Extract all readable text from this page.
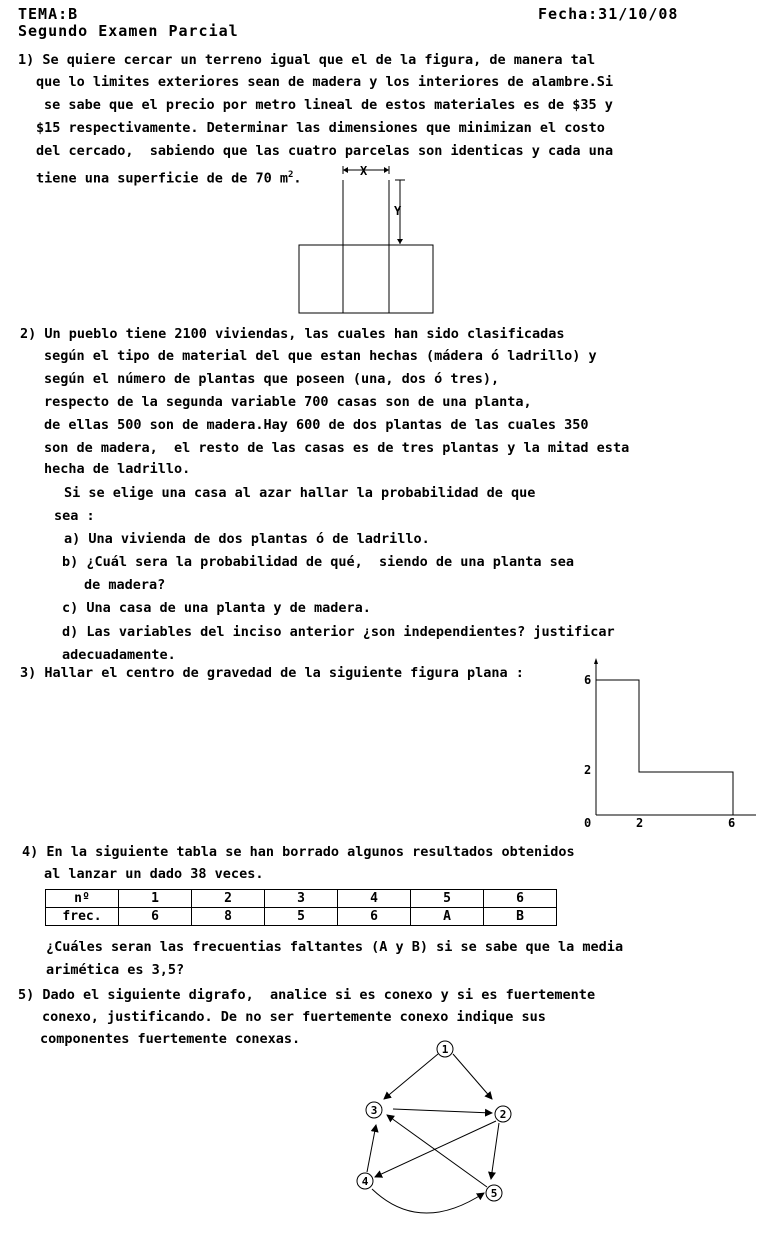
TEMA:B	Fecha:31/10/08
Segundo Examen Parcial
1) Se quiere cercar un terreno igual que el de la figura, de manera tal
que lo limites exteriores sean de madera y los interiores de alambre.Si
se sabe que el precio por metro lineal de estos materiales es de $35 y
$15 respectivamente. Determinar las dimensiones que minimizan el costo
del cercado,  sabiendo que las cuatro parcelas son identicas y cada una
tiene una superficie de de 70 $m^2$.	X
Y
2) Un pueblo tiene 2100 viviendas, las cuales han sido clasificadas
según el tipo de material del que estan hechas (mádera ó ladrillo) y
según el número de plantas que poseen (una, dos ó tres),
respecto de la segunda variable 700 casas son de una planta,
de ellas 500 son de madera.Hay 600 de dos plantas de las cuales 350
son de madera,  el resto de las casas es de tres plantas y la mitad esta
hecha de ladrillo.
Si se elige una casa al azar hallar la probabilidad de que
sea :
a) Una vivienda de dos plantas ó de ladrillo.
b) ¿Cuál sera la probabilidad de qué,  siendo de una planta sea
de madera?
c) Una casa de una planta y de madera.
d) Las variables del inciso anterior ¿son independientes? justificar
adecuadamente.
3) Hallar el centro de gravedad de la siguiente figura plana :	6
2
0	2	6
4) En la siguiente tabla se han borrado algunos resultados obtenidos
al lanzar un dado 38 veces.
nº	1	2	3	4	5	6
frec.	6	8	5	6	A	B
¿Cuáles seran las frecuentias faltantes (A y B) si se sabe que la media
arimética es 3,5?
5) Dado el siguiente digrafo,  analice si es conexo y si es fuertemente
conexo, justificando. De no ser fuertemente conexo indique sus
componentes fuertemente conexas.
1
2
3
4
5
